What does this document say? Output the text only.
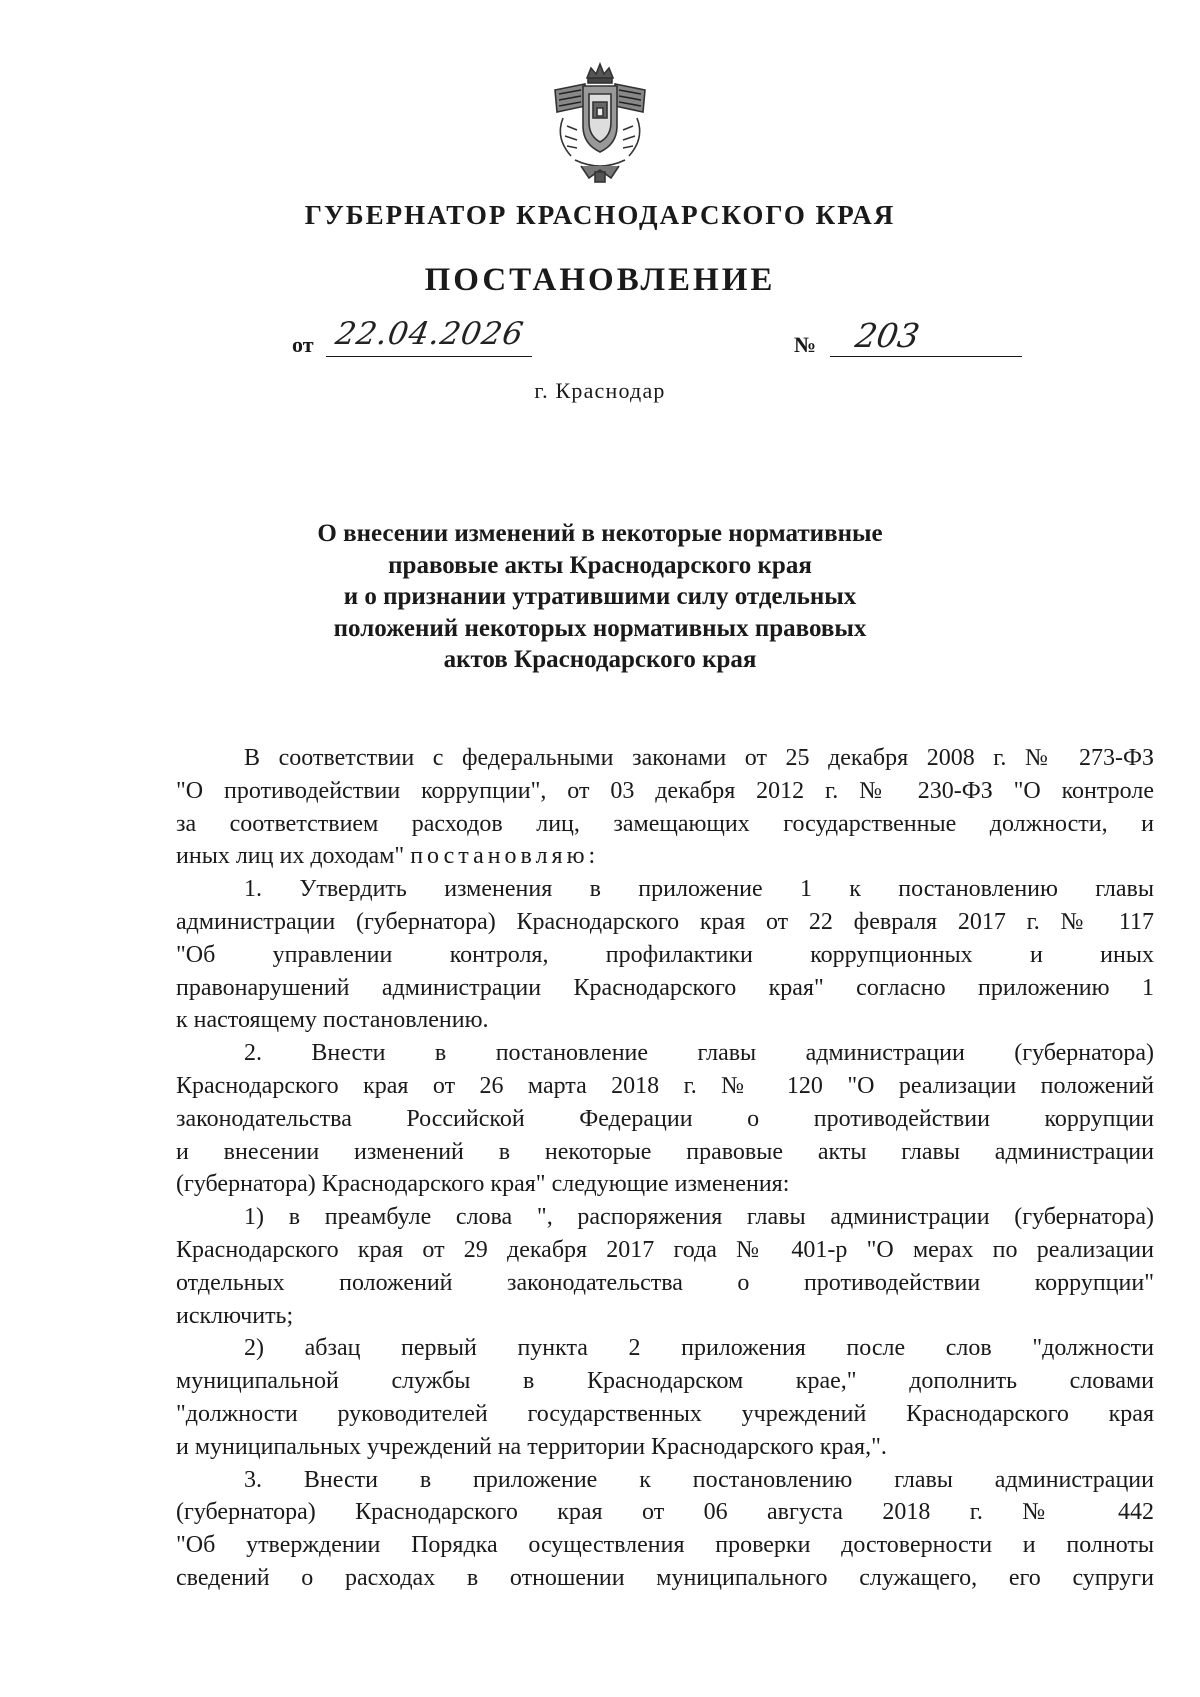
ГУБЕРНАТОР КРАСНОДАРСКОГО КРАЯ
ПОСТАНОВЛЕНИЕ
от 22.04.2026	№ 203
г. Краснодар
О внесении изменений в некоторые нормативные
правовые акты Краснодарского края
и о признании утратившими силу отдельных
положений некоторых нормативных правовых
актов Краснодарского края
В соответствии с федеральными законами от 25 декабря 2008 г. № 273-ФЗ
"О противодействии коррупции", от 03 декабря 2012 г. № 230-ФЗ "О контроле
за соответствием расходов лиц, замещающих государственные должности, и
иных лиц их доходам" постановляю:
1. Утвердить изменения в приложение 1 к постановлению главы
администрации (губернатора) Краснодарского края от 22 февраля 2017 г. № 117
"Об управлении контроля, профилактики коррупционных и иных
правонарушений администрации Краснодарского края" согласно приложению 1
к настоящему постановлению.
2. Внести в постановление главы администрации (губернатора)
Краснодарского края от 26 марта 2018 г. № 120 "О реализации положений
законодательства Российской Федерации о противодействии коррупции
и внесении изменений в некоторые правовые акты главы администрации
(губернатора) Краснодарского края" следующие изменения:
1) в преамбуле слова ", распоряжения главы администрации (губернатора)
Краснодарского края от 29 декабря 2017 года № 401-р "О мерах по реализации
отдельных положений законодательства о противодействии коррупции"
исключить;
2) абзац первый пункта 2 приложения после слов "должности
муниципальной службы в Краснодарском крае," дополнить словами
"должности руководителей государственных учреждений Краснодарского края
и муниципальных учреждений на территории Краснодарского края,".
3. Внести в приложение к постановлению главы администрации
(губернатора) Краснодарского края от 06 августа 2018 г. № 442
"Об утверждении Порядка осуществления проверки достоверности и полноты
сведений о расходах в отношении муниципального служащего, его супруги
